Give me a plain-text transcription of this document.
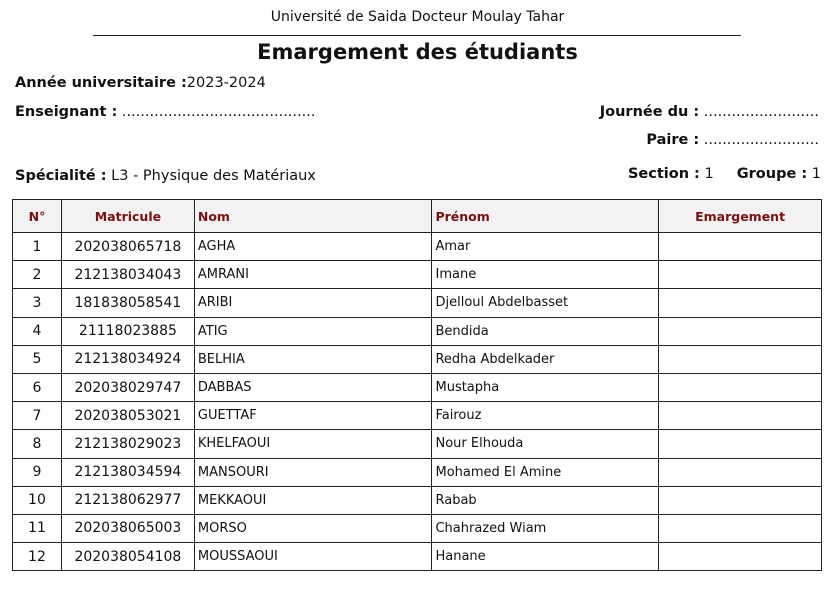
Université de Saida Docteur Moulay Tahar
Emargement des étudiants
Année universitaire :2023-2024
Enseignant : ..........................................	Journée du : .........................
Paire : .........................
Spécialité : L3 - Physique des Matériaux	Section : 1 Groupe : 1
N°	Matricule	Nom	Prénom	Emargement
1	202038065718	AGHA	Amar	
2	212138034043	AMRANI	Imane	
3	181838058541	ARIBI	Djelloul Abdelbasset	
4	21118023885	ATIG	Bendida	
5	212138034924	BELHIA	Redha Abdelkader	
6	202038029747	DABBAS	Mustapha	
7	202038053021	GUETTAF	Fairouz	
8	212138029023	KHELFAOUI	Nour Elhouda	
9	212138034594	MANSOURI	Mohamed El Amine	
10	212138062977	MEKKAOUI	Rabab	
11	202038065003	MORSO	Chahrazed Wiam	
12	202038054108	MOUSSAOUI	Hanane	
